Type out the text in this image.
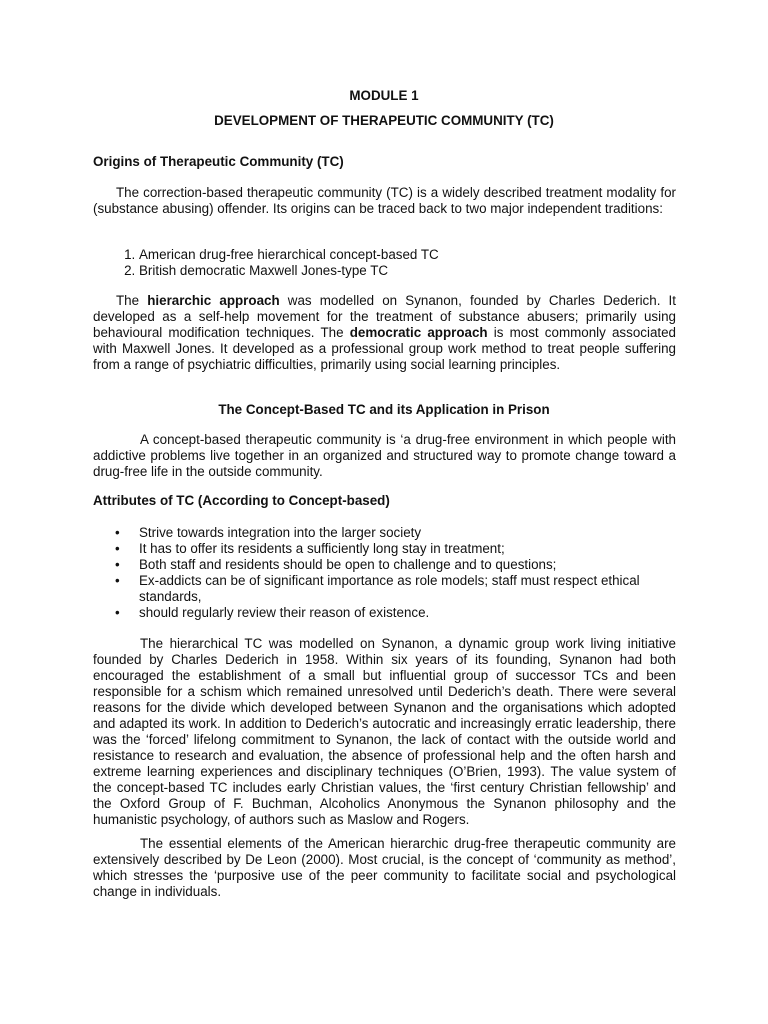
MODULE 1
DEVELOPMENT OF THERAPEUTIC COMMUNITY (TC)
Origins of Therapeutic Community (TC)

The correction-based therapeutic community (TC) is a widely described treatment modality for (substance abusing) offender. Its origins can be traced back to two major independent traditions:

1. American drug-free hierarchical concept-based TC
2. British democratic Maxwell Jones-type TC

The hierarchic approach was modelled on Synanon, founded by Charles Dederich. It developed as a self-help movement for the treatment of substance abusers; primarily using behavioural modification techniques. The democratic approach is most commonly associated with Maxwell Jones. It developed as a professional group work method to treat people suffering from a range of psychiatric difficulties, primarily using social learning principles.

The Concept-Based TC and its Application in Prison

A concept-based therapeutic community is ‘a drug-free environment in which people with addictive problems live together in an organized and structured way to promote change toward a drug-free life in the outside community.

Attributes of TC (According to Concept-based)
• Strive towards integration into the larger society
• It has to offer its residents a sufficiently long stay in treatment;
• Both staff and residents should be open to challenge and to questions;
• Ex-addicts can be of significant importance as role models; staff must respect ethical standards,
• should regularly review their reason of existence.

The hierarchical TC was modelled on Synanon, a dynamic group work living initiative founded by Charles Dederich in 1958. Within six years of its founding, Synanon had both encouraged the establishment of a small but influential group of successor TCs and been responsible for a schism which remained unresolved until Dederich’s death. There were several reasons for the divide which developed between Synanon and the organisations which adopted and adapted its work. In addition to Dederich’s autocratic and increasingly erratic leadership, there was the ‘forced’ lifelong commitment to Synanon, the lack of contact with the outside world and resistance to research and evaluation, the absence of professional help and the often harsh and extreme learning experiences and disciplinary techniques (O’Brien, 1993). The value system of the concept-based TC includes early Christian values, the ‘first century Christian fellowship’ and the Oxford Group of F. Buchman, Alcoholics Anonymous the Synanon philosophy and the humanistic psychology, of authors such as Maslow and Rogers.

The essential elements of the American hierarchic drug-free therapeutic community are extensively described by De Leon (2000). Most crucial, is the concept of ‘community as method’, which stresses the ‘purposive use of the peer community to facilitate social and psychological change in individuals.
